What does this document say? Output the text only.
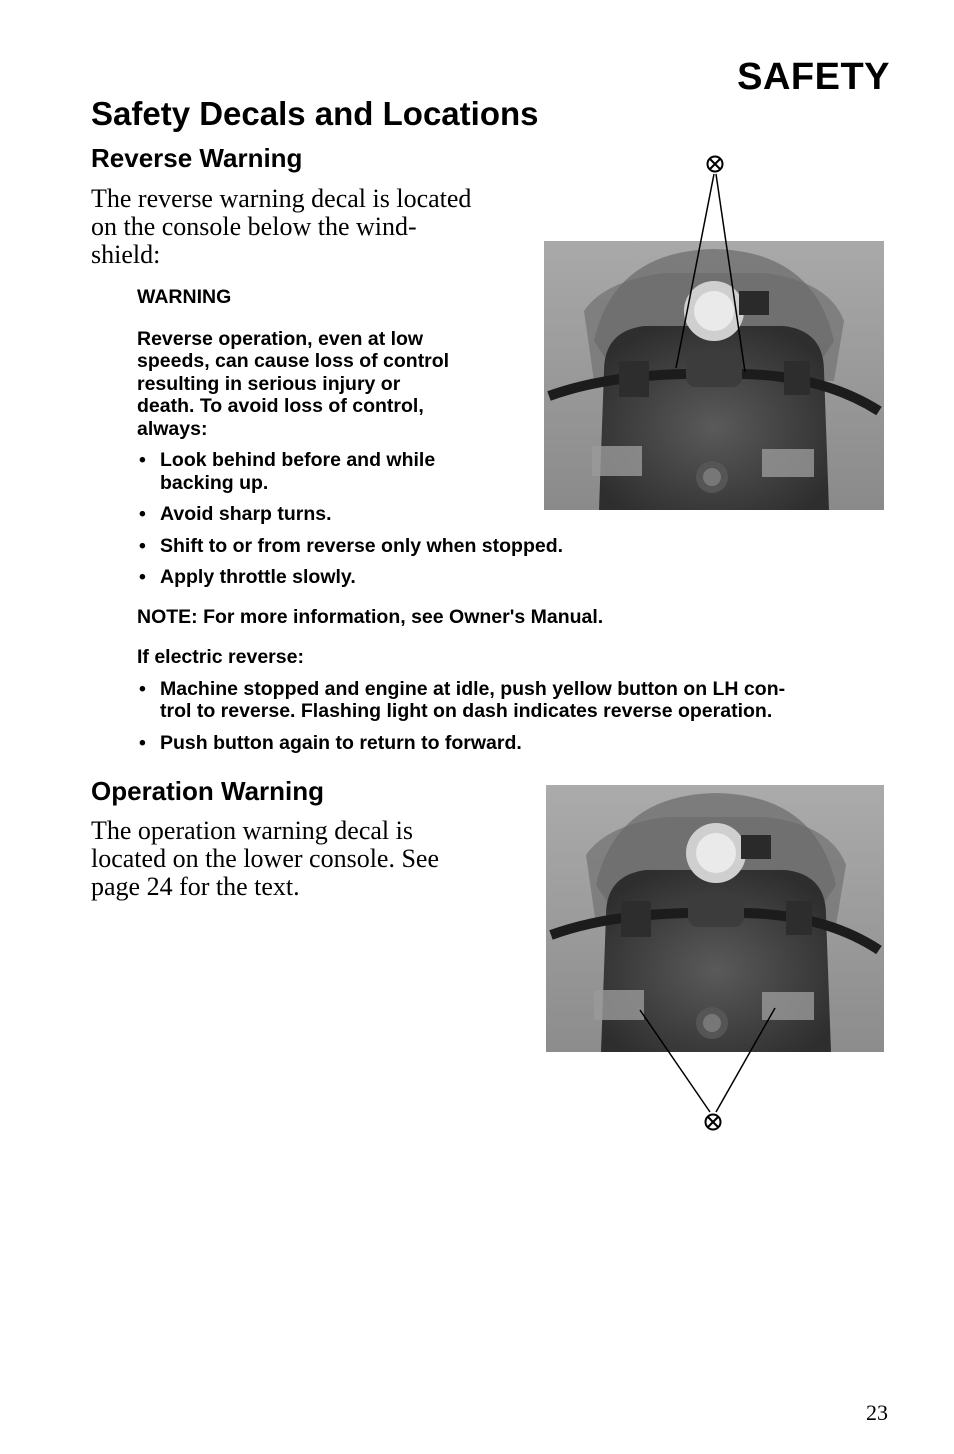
SAFETY
Safety Decals and Locations
Reverse Warning
The reverse warning decal is located
on the console below the wind-
shield:
WARNING
Reverse operation, even at low
speeds, can cause loss of control
resulting in serious injury or
death. To avoid loss of control,
always:
• Look behind before and while
backing up.
• Avoid sharp turns.
• Shift to or from reverse only when stopped.
• Apply throttle slowly.
NOTE: For more information, see Owner's Manual.
If electric reverse:
• Machine stopped and engine at idle, push yellow button on LH con-
trol to reverse. Flashing light on dash indicates reverse operation.
• Push button again to return to forward.
Operation Warning
The operation warning decal is
located on the lower console. See
page 24 for the text.
23
